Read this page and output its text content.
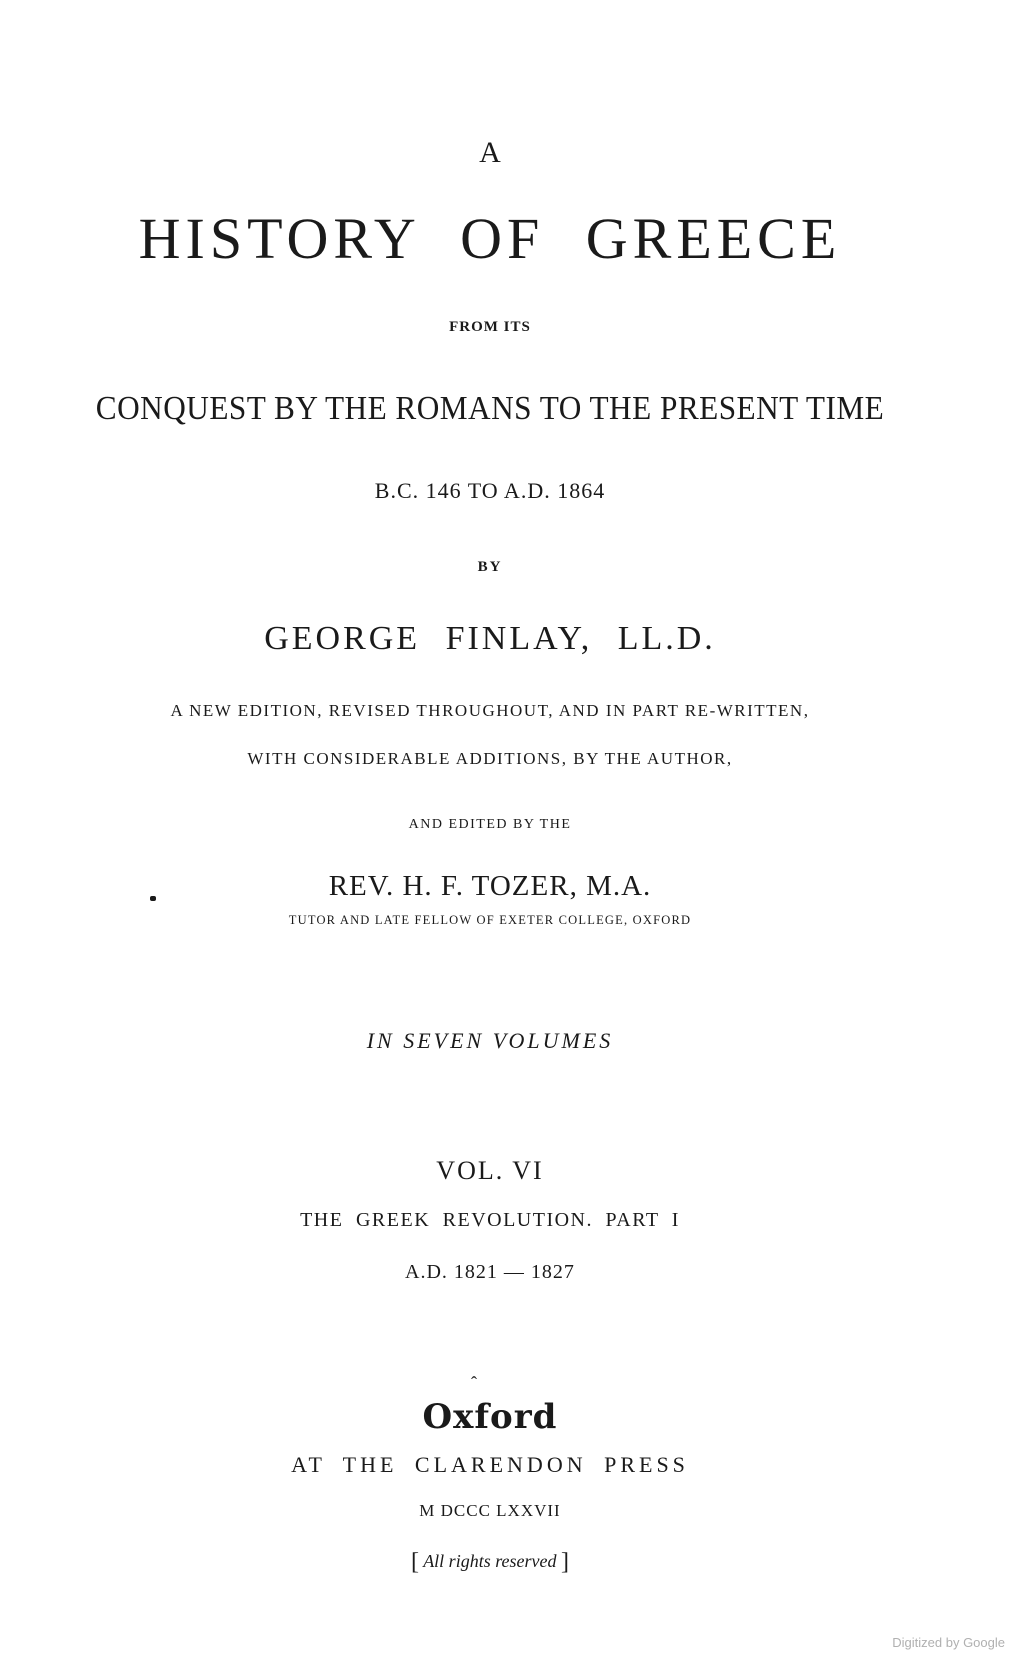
A
HISTORY OF GREECE
FROM ITS
CONQUEST BY THE ROMANS TO THE PRESENT TIME
B.C. 146 TO A.D. 1864
BY
GEORGE FINLAY, LL.D.
A NEW EDITION, REVISED THROUGHOUT, AND IN PART RE-WRITTEN,
WITH CONSIDERABLE ADDITIONS, BY THE AUTHOR,
AND EDITED BY THE
REV. H. F. TOZER, M.A.
TUTOR AND LATE FELLOW OF EXETER COLLEGE, OXFORD
IN SEVEN VOLUMES
VOL. VI
THE GREEK REVOLUTION. PART I
A.D. 1821 — 1827
ˆ
Oxford
AT THE CLARENDON PRESS
M DCCC LXXVII
[ All rights reserved ]
Digitized by Google
